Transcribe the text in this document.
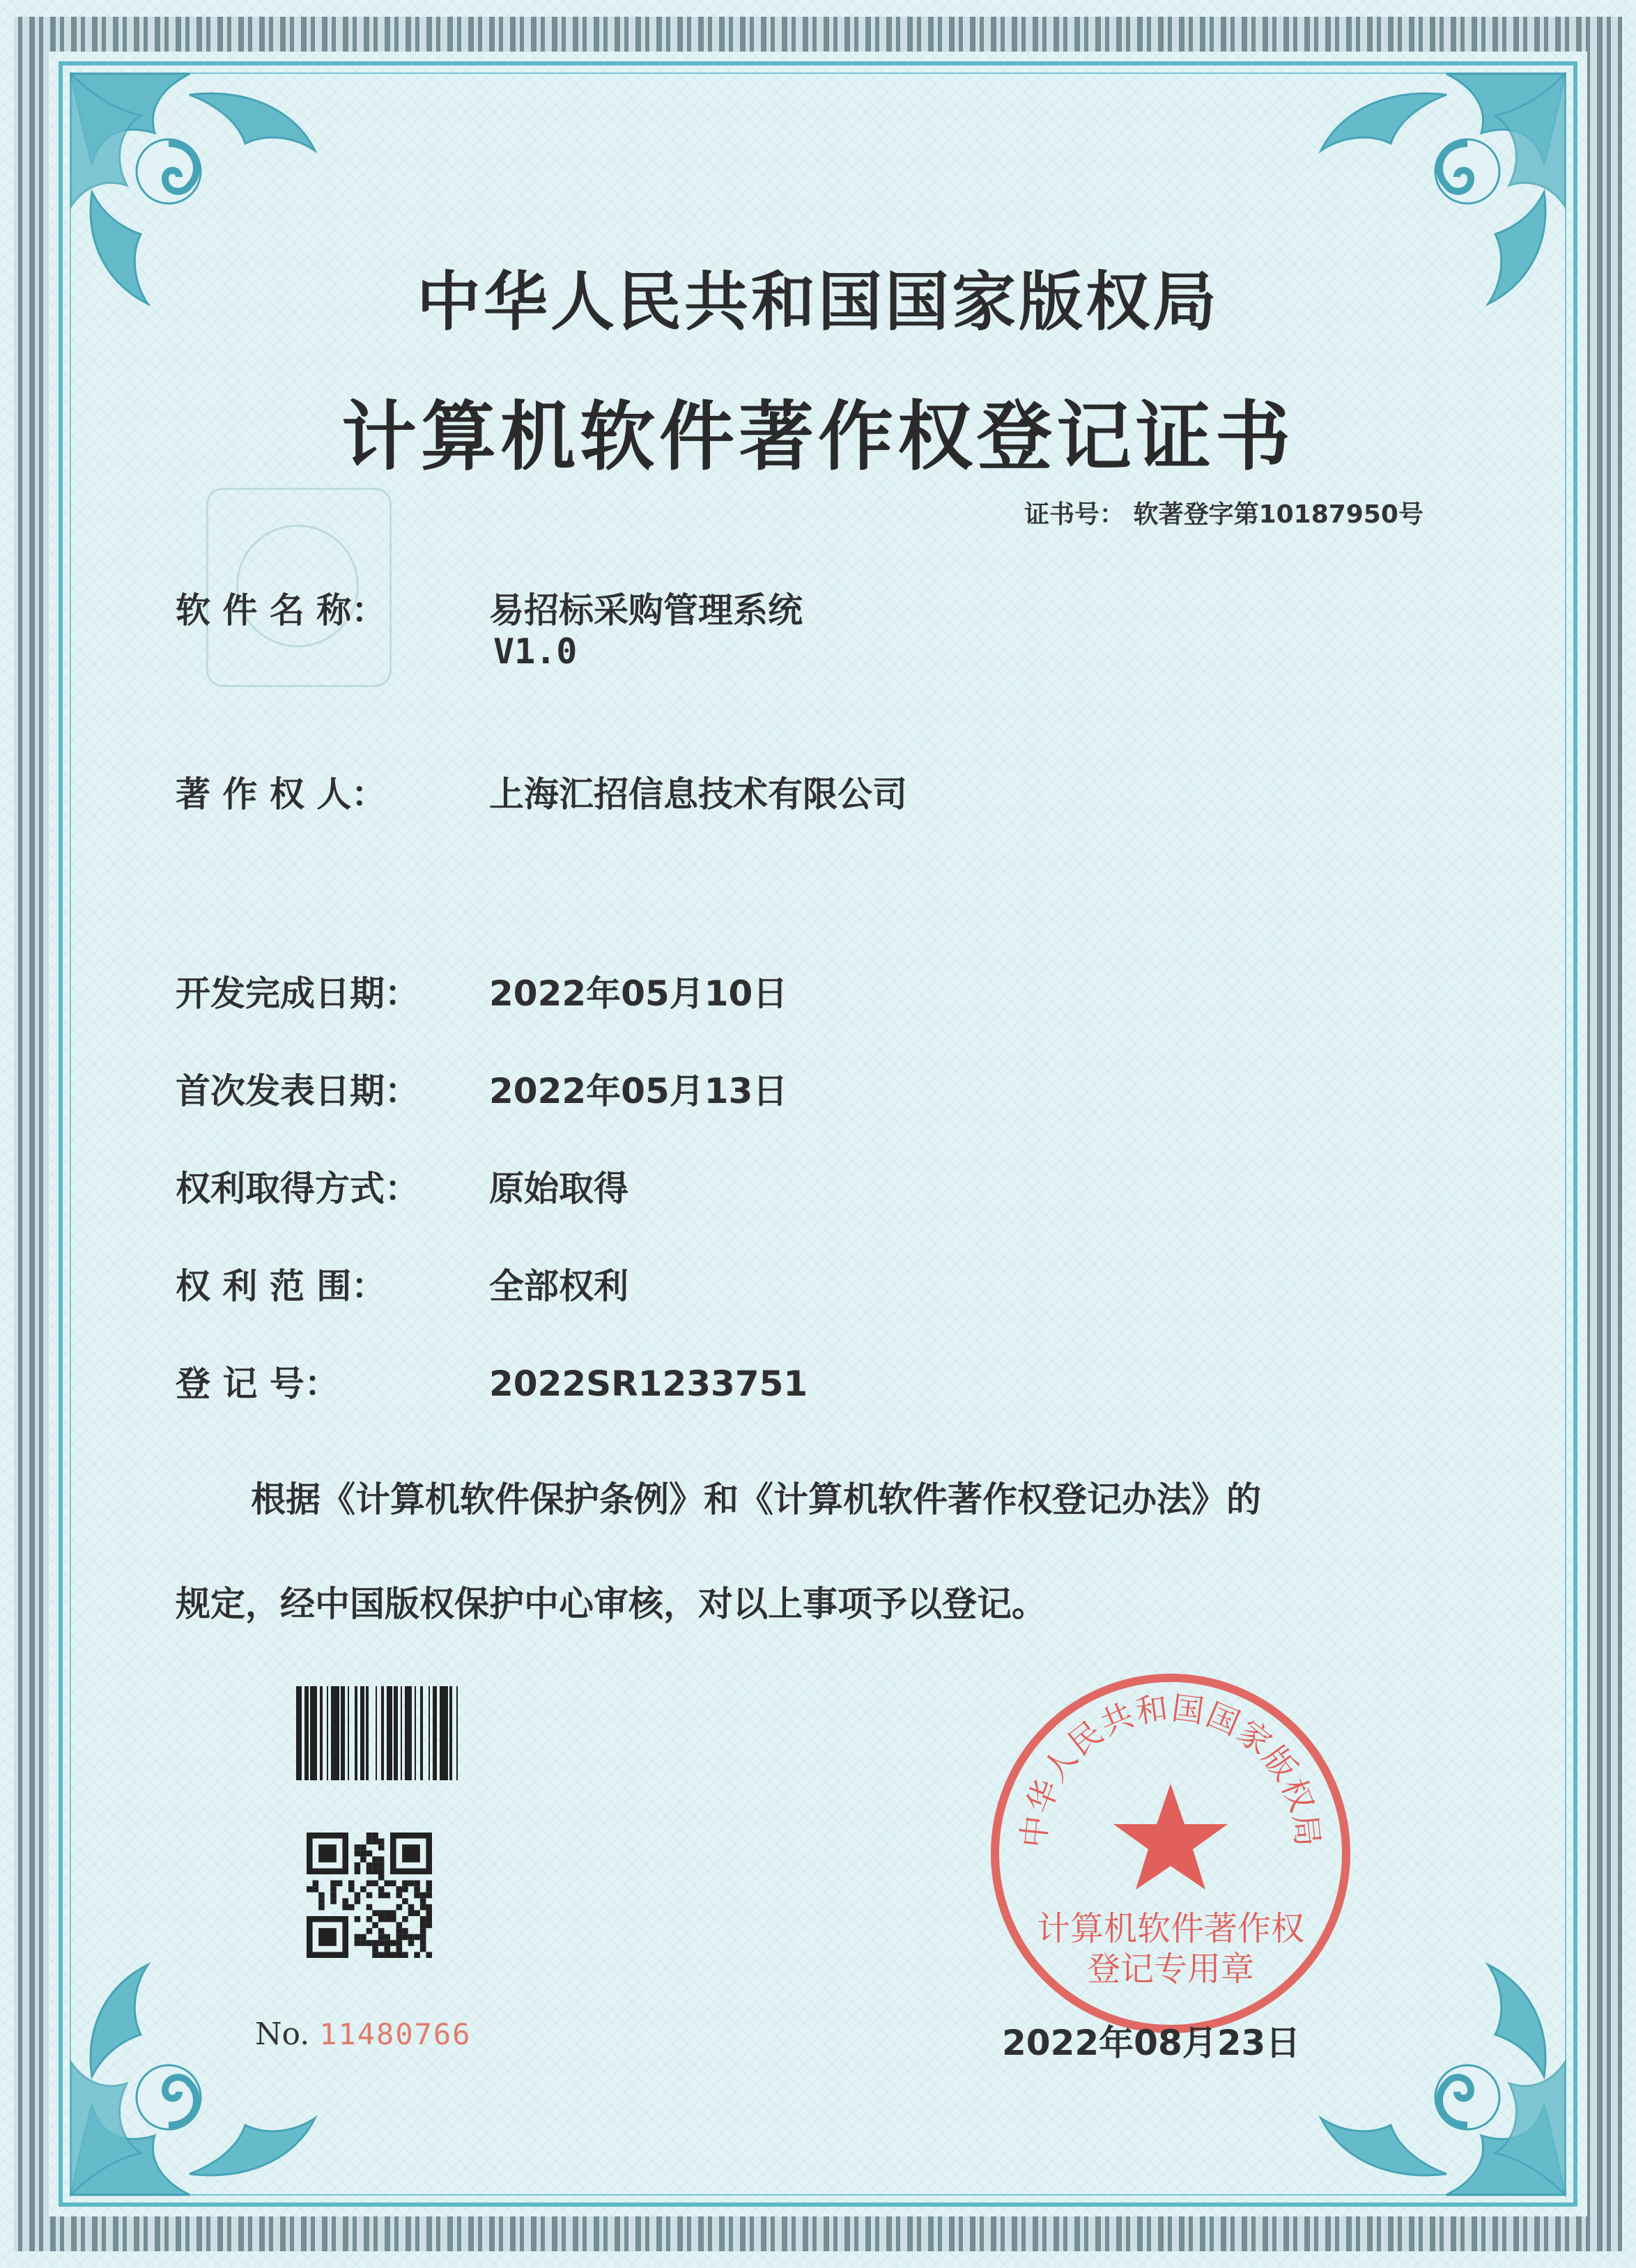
中华人民共和国国家版权局
计算机软件著作权登记证书
证书号： 软著登字第10187950号
软 件 名 称：	易招标采购管理系统
V1.0
著 作 权 人：	上海汇招信息技术有限公司
开发完成日期： 2022年05月10日
首次发表日期： 2022年05月13日
权利取得方式： 原始取得
权 利 范 围：	全部权利
登 记 号：	2022SR1233751
根据《计算机软件保护条例》和《计算机软件著作权登记办法》的
规定，经中国版权保护中心审核，对以上事项予以登记。
No. 11480766
中华人民共和国国家版权局
计算机软件著作权
登记专用章
2022年08月23日
